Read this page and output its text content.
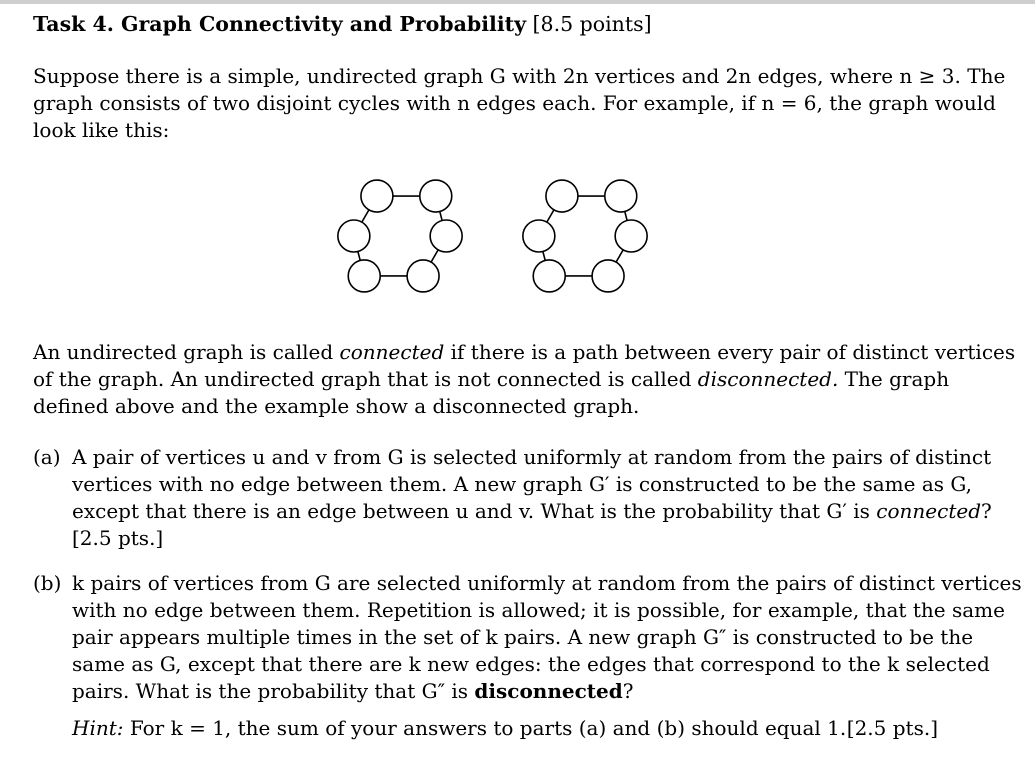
Task 4. Graph Connectivity and Probability [8.5 points]
Suppose there is a simple, undirected graph G with 2n vertices and 2n edges, where n ≥ 3. The
graph consists of two disjoint cycles with n edges each. For example, if n = 6, the graph would
look like this:
An undirected graph is called connected if there is a path between every pair of distinct vertices
of the graph. An undirected graph that is not connected is called disconnected. The graph
defined above and the example show a disconnected graph.
(a) A pair of vertices u and v from G is selected uniformly at random from the pairs of distinct
vertices with no edge between them. A new graph G′ is constructed to be the same as G,
except that there is an edge between u and v. What is the probability that G′ is connected?
[2.5 pts.]
(b) k pairs of vertices from G are selected uniformly at random from the pairs of distinct vertices
with no edge between them. Repetition is allowed; it is possible, for example, that the same
pair appears multiple times in the set of k pairs. A new graph G″ is constructed to be the
same as G, except that there are k new edges: the edges that correspond to the k selected
pairs. What is the probability that G″ is disconnected?
Hint: For k = 1, the sum of your answers to parts (a) and (b) should equal 1. [2.5 pts.]
